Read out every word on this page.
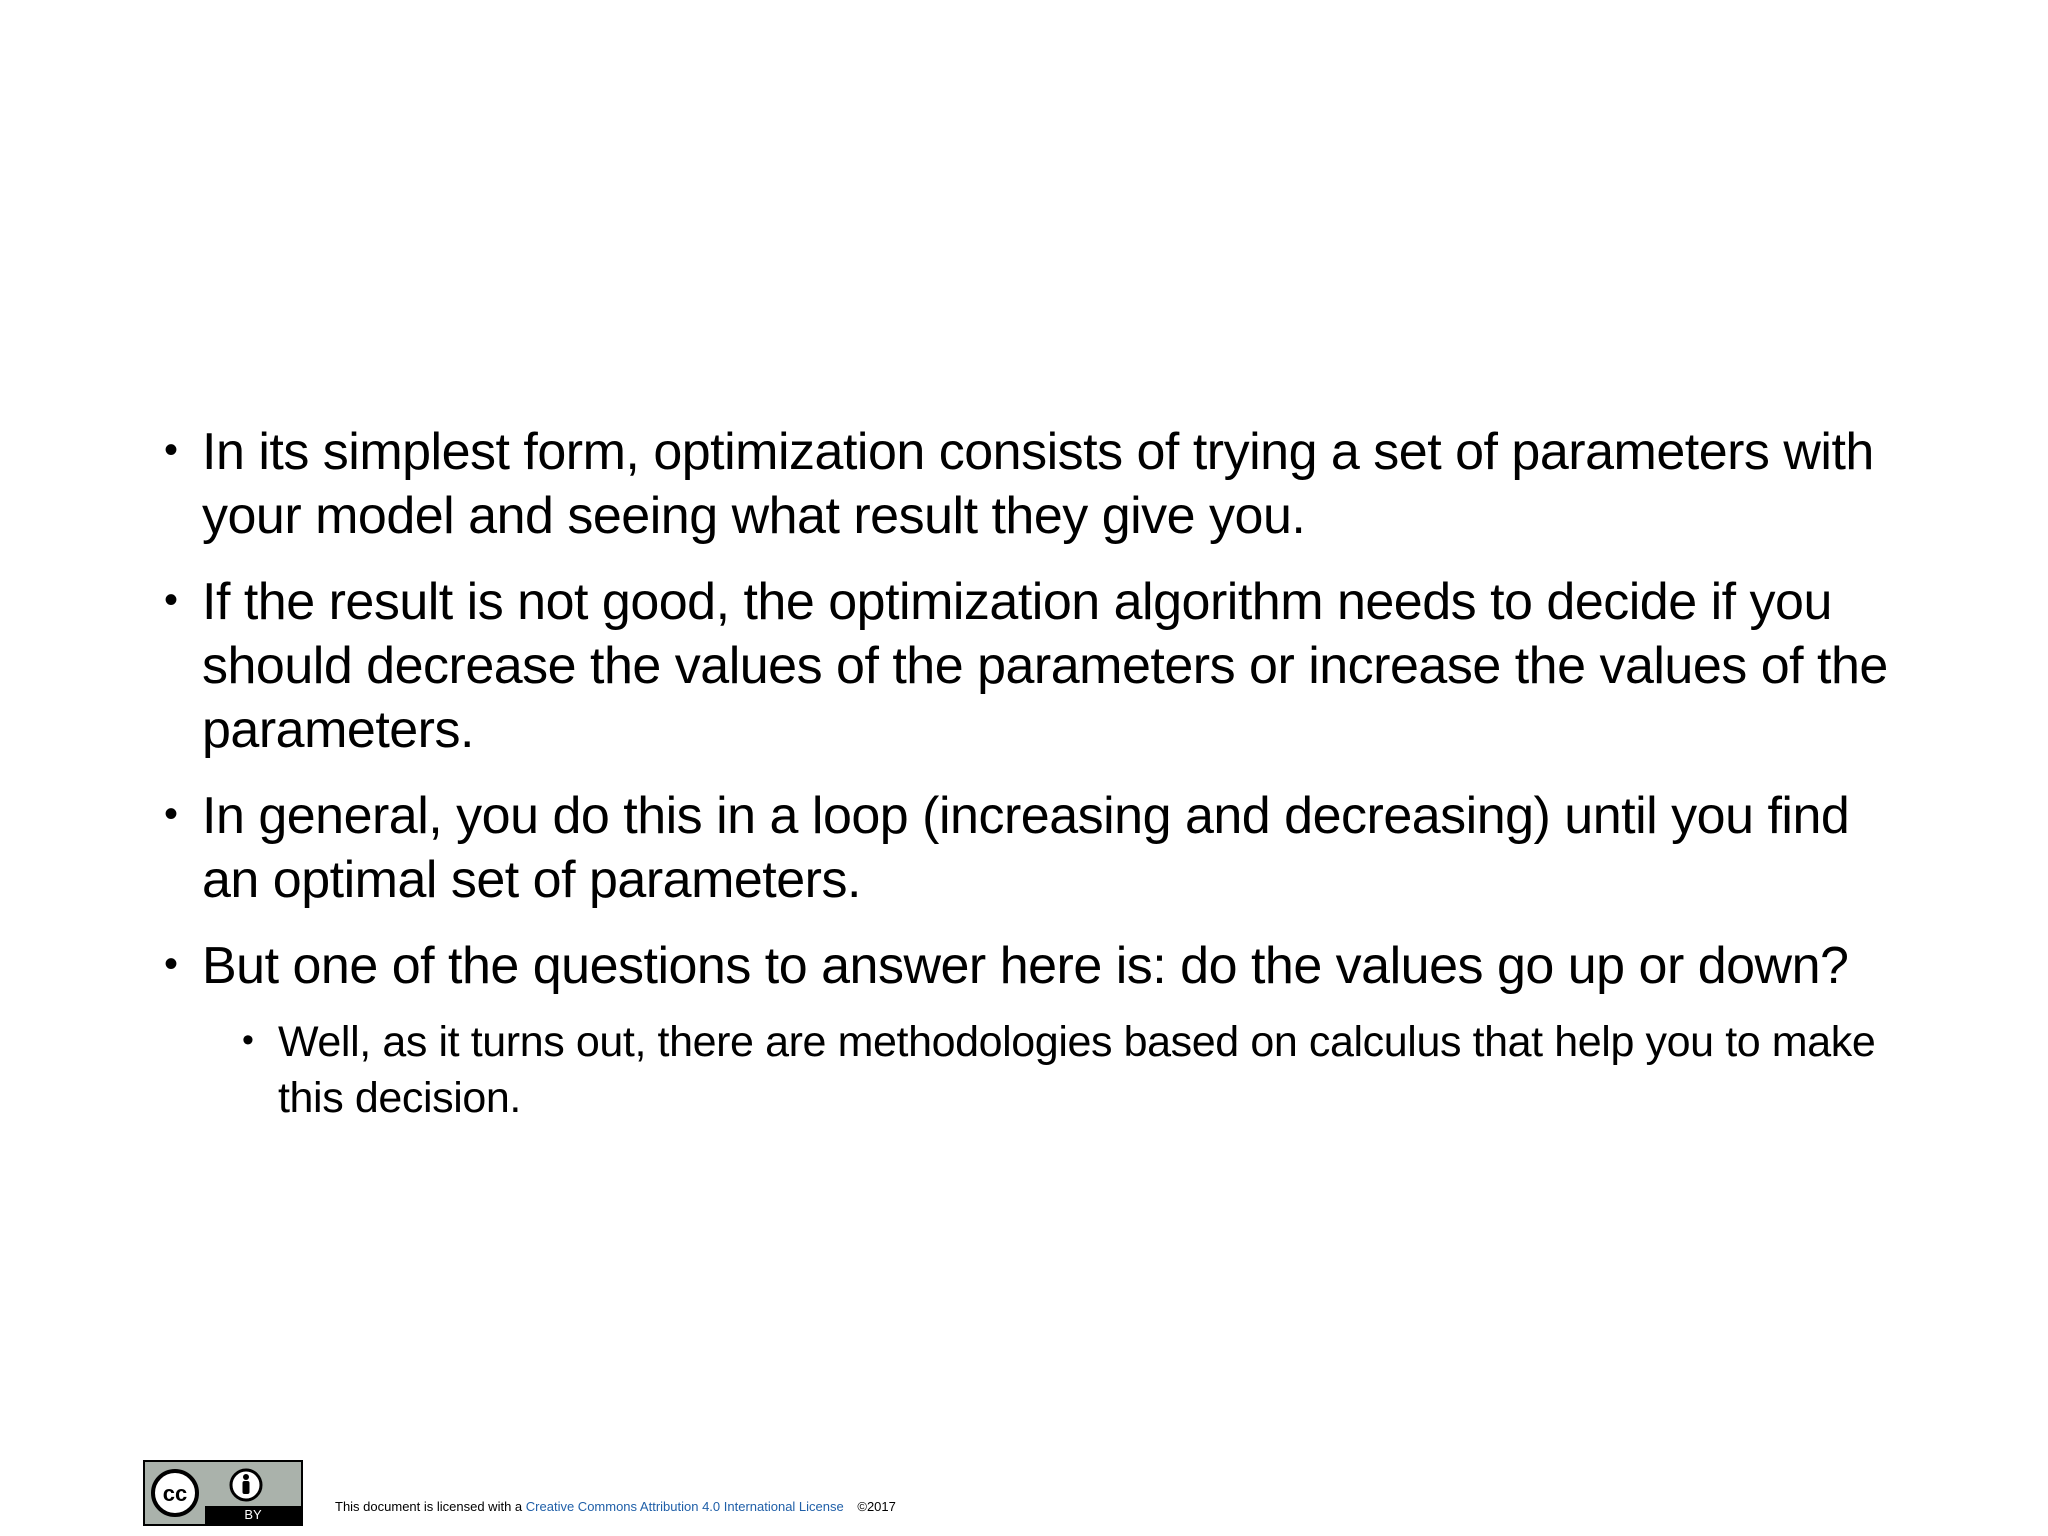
• In its simplest form, optimization consists of trying a set of parameters with your model and seeing what result they give you.
• If the result is not good, the optimization algorithm needs to decide if you should decrease the values of the parameters or increase the values of the parameters.
• In general, you do this in a loop (increasing and decreasing) until you find an optimal set of parameters.
• But one of the questions to answer here is: do the values go up or down?
• Well, as it turns out, there are methodologies based on calculus that help you to make this decision.
cc
BY
This document is licensed with a Creative Commons Attribution 4.0 International License ©2017
